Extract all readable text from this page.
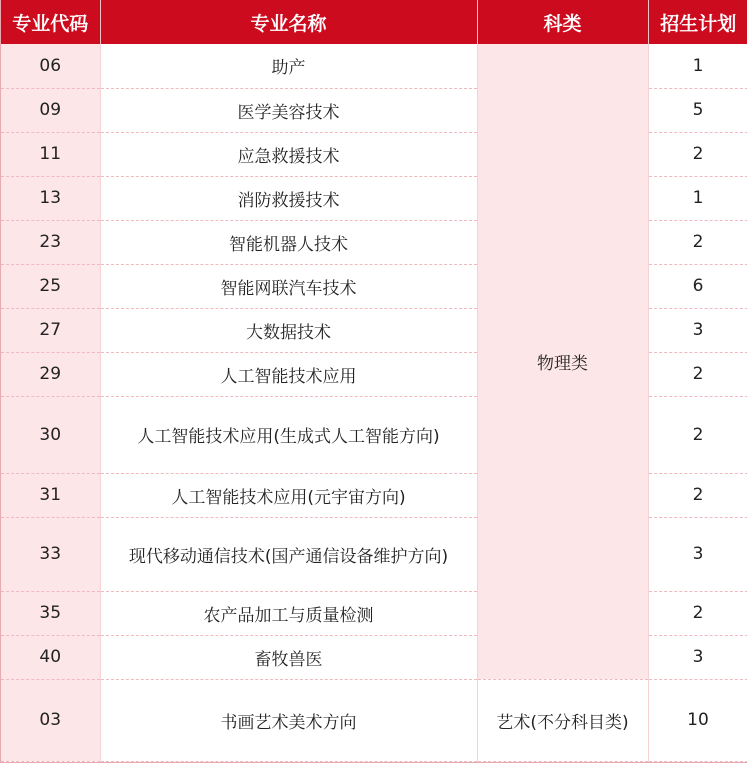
专业代码	专业名称	科类	招生计划
06	助产	物理类	1
09	医学美容技术		5
11	应急救援技术		2
13	消防救援技术		1
23	智能机器人技术		2
25	智能网联汽车技术		6
27	大数据技术		3
29	人工智能技术应用		2
30	人工智能技术应用(生成式人工智能方向)		2
31	人工智能技术应用(元宇宙方向)		2
33	现代移动通信技术(国产通信设备维护方向)		3
35	农产品加工与质量检测		2
40	畜牧兽医		3
03	书画艺术美术方向	艺术(不分科目类)	10
